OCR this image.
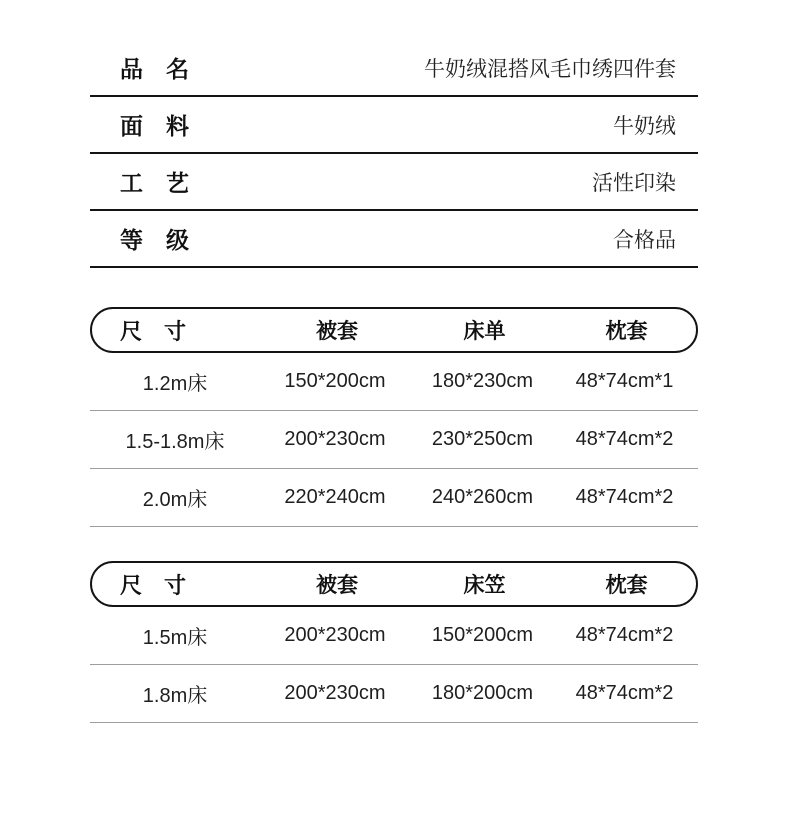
品　名	牛奶绒混搭风毛巾绣四件套
面　料	牛奶绒
工　艺	活性印染
等　级	合格品
尺　寸	被套	床单	枕套
1.2m床	150*200cm	180*230cm	48*74cm*1
1.5-1.8m床	200*230cm	230*250cm	48*74cm*2
2.0m床	220*240cm	240*260cm	48*74cm*2
尺　寸	被套	床笠	枕套
1.5m床	200*230cm	150*200cm	48*74cm*2
1.8m床	200*230cm	180*200cm	48*74cm*2
